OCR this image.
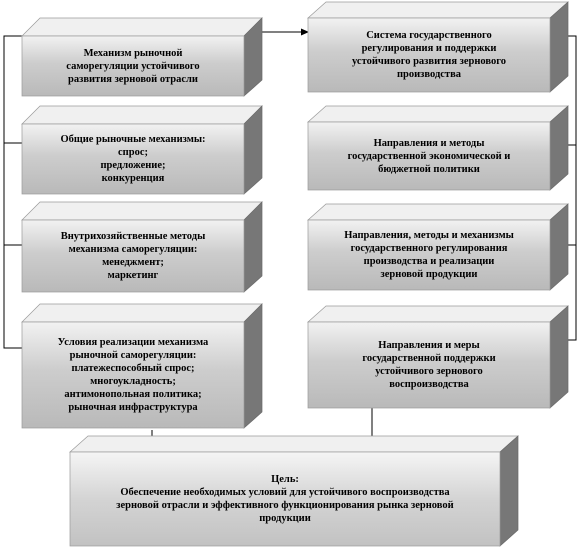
Механизм рыночной
саморегуляции устойчивого
развития зерновой отрасли
Общие рыночные механизмы:
спрос;
предложение;
конкуренция
Внутрихозяйственные методы
механизма саморегуляции:
менеджмент;
маркетинг
Условия реализации механизма
рыночной саморегуляции:
платежеспособный спрос;
многоукладность;
антимонопольная политика;
рыночная инфраструктура
Система государственного
регулирования и поддержки
устойчивого развития зернового
производства
Направления и методы
государственной экономической и
бюджетной политики
Направления, методы и механизмы
государственного регулирования
производства и реализации
зерновой продукции
Направления и меры
государственной поддержки
устойчивого зернового
воспроизводства
Цель:
Обеспечение необходимых условий для устойчивого воспроизводства
зерновой отрасли и эффективного функционирования рынка зерновой
продукции
